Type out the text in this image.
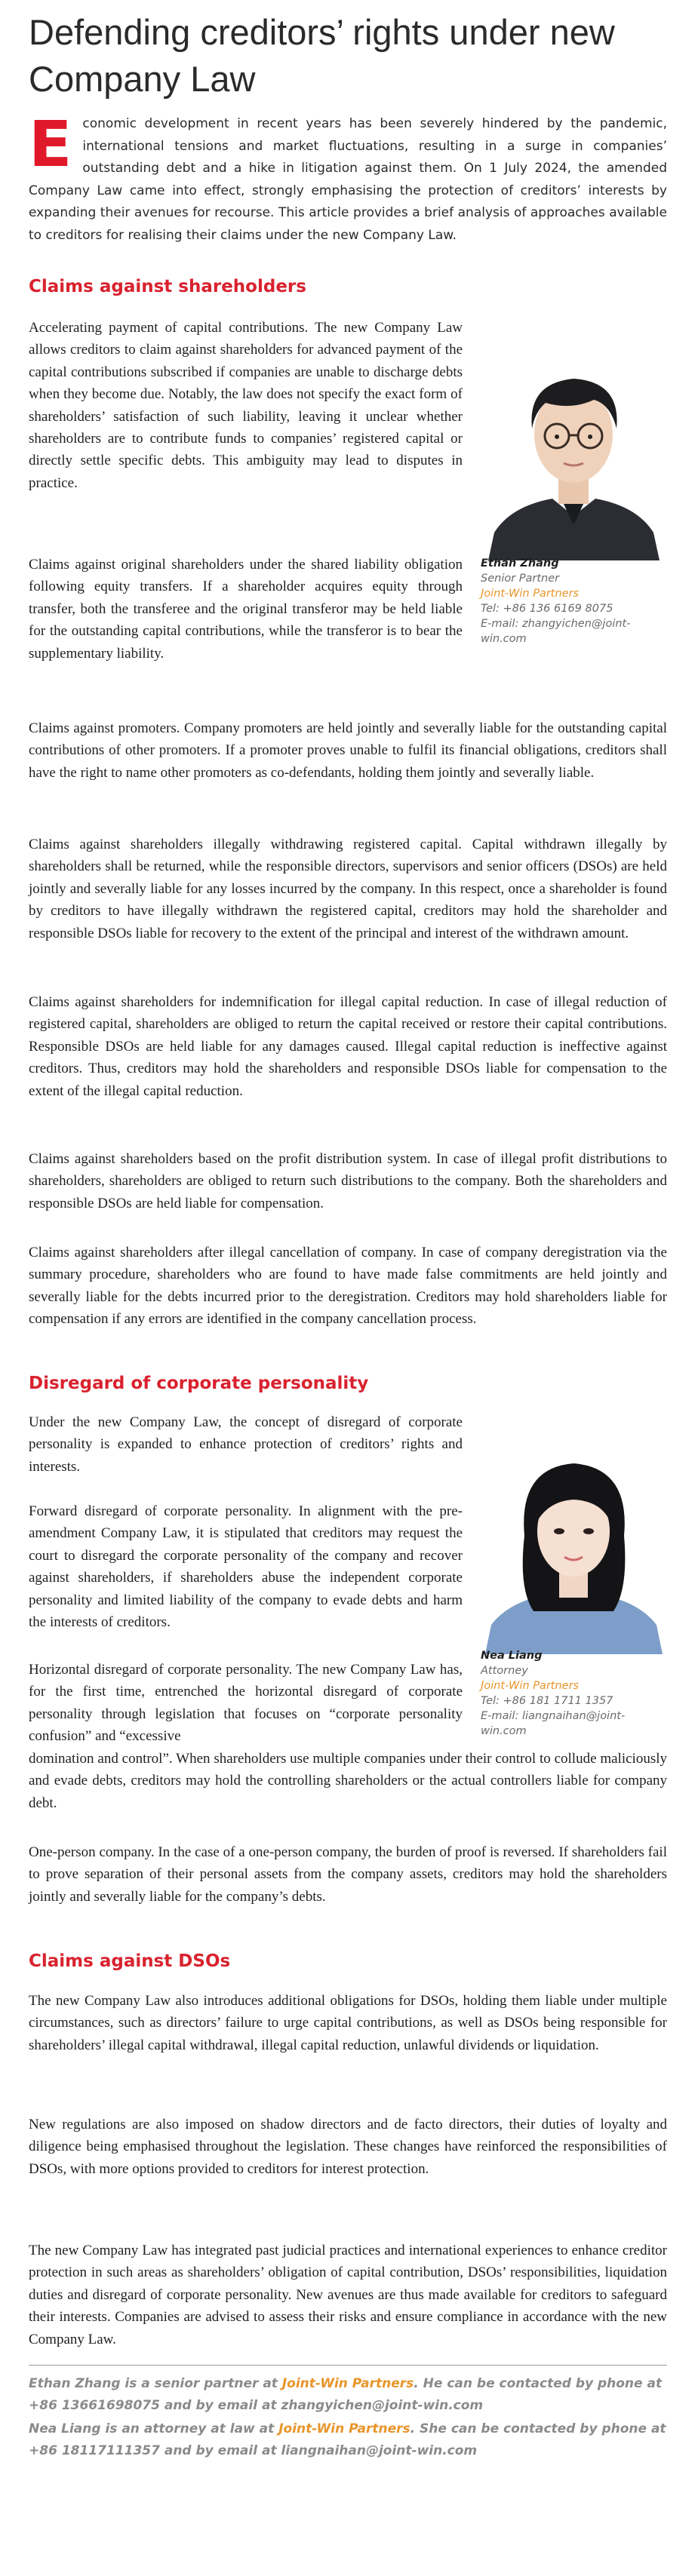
Defending creditors’ rights under new Company Law

Economic development in recent years has been severely hindered by the pandemic, international tensions and market fluctuations, resulting in a surge in companies’ outstanding debt and a hike in litigation against them. On 1 July 2024, the amended Company Law came into effect, strongly emphasising the protection of creditors’ interests by expanding their avenues for recourse. This article provides a brief analysis of approaches available to creditors for realising their claims under the new Company Law.

Claims against shareholders

Accelerating payment of capital contributions. The new Company Law allows creditors to claim against shareholders for advanced payment of the capital contributions subscribed if companies are unable to discharge debts when they become due. Notably, the law does not specify the exact form of shareholders’ satisfaction of such liability, leaving it unclear whether shareholders are to contribute funds to companies’ registered capital or directly settle specific debts. This ambiguity may lead to disputes in practice.

Ethan Zhang
Senior Partner
Joint-Win Partners
Tel: +86 136 6169 8075
E-mail: zhangyichen@joint-win.com

Claims against original shareholders under the shared liability obligation following equity transfers. If a shareholder acquires equity through transfer, both the transferee and the original transferor may be held liable for the outstanding capital contributions, while the transferor is to bear the supplementary liability.

Claims against promoters. Company promoters are held jointly and severally liable for the outstanding capital contributions of other promoters. If a promoter proves unable to fulfil its financial obligations, creditors shall have the right to name other promoters as co-defendants, holding them jointly and severally liable.

Claims against shareholders illegally withdrawing registered capital. Capital withdrawn illegally by shareholders shall be returned, while the responsible directors, supervisors and senior officers (DSOs) are held jointly and severally liable for any losses incurred by the company. In this respect, once a shareholder is found by creditors to have illegally withdrawn the registered capital, creditors may hold the shareholder and responsible DSOs liable for recovery to the extent of the principal and interest of the withdrawn amount.

Claims against shareholders for indemnification for illegal capital reduction. In case of illegal reduction of registered capital, shareholders are obliged to return the capital received or restore their capital contributions. Responsible DSOs are held liable for any damages caused. Illegal capital reduction is ineffective against creditors. Thus, creditors may hold the shareholders and responsible DSOs liable for compensation to the extent of the illegal capital reduction.

Claims against shareholders based on the profit distribution system. In case of illegal profit distributions to shareholders, shareholders are obliged to return such distributions to the company. Both the shareholders and responsible DSOs are held liable for compensation.

Claims against shareholders after illegal cancellation of company. In case of company deregistration via the summary procedure, shareholders who are found to have made false commitments are held jointly and severally liable for the debts incurred prior to the deregistration. Creditors may hold shareholders liable for compensation if any errors are identified in the company cancellation process.

Disregard of corporate personality

Under the new Company Law, the concept of disregard of corporate personality is expanded to enhance protection of creditors’ rights and interests.

Nea Liang
Attorney
Joint-Win Partners
Tel: +86 181 1711 1357
E-mail: liangnaihan@joint-win.com

Forward disregard of corporate personality. In alignment with the pre-amendment Company Law, it is stipulated that creditors may request the court to disregard the corporate personality of the company and recover against shareholders, if shareholders abuse the independent corporate personality and limited liability of the company to evade debts and harm the interests of creditors.

Horizontal disregard of corporate personality. The new Company Law has, for the first time, entrenched the horizontal disregard of corporate personality through legislation that focuses on “corporate personality confusion” and “excessive

domination and control”. When shareholders use multiple companies under their control to collude maliciously and evade debts, creditors may hold the controlling shareholders or the actual controllers liable for company debt.

One-person company. In the case of a one-person company, the burden of proof is reversed. If shareholders fail to prove separation of their personal assets from the company assets, creditors may hold the shareholders jointly and severally liable for the company’s debts.

Claims against DSOs

The new Company Law also introduces additional obligations for DSOs, holding them liable under multiple circumstances, such as directors’ failure to urge capital contributions, as well as DSOs being responsible for shareholders’ illegal capital withdrawal, illegal capital reduction, unlawful dividends or liquidation.

New regulations are also imposed on shadow directors and de facto directors, their duties of loyalty and diligence being emphasised throughout the legislation. These changes have reinforced the responsibilities of DSOs, with more options provided to creditors for interest protection.

The new Company Law has integrated past judicial practices and international experiences to enhance creditor protection in such areas as shareholders’ obligation of capital contribution, DSOs’ responsibilities, liquidation duties and disregard of corporate personality. New avenues are thus made available for creditors to safeguard their interests. Companies are advised to assess their risks and ensure compliance in accordance with the new Company Law.

Ethan Zhang is a senior partner at Joint-Win Partners. He can be contacted by phone at +86 13661698075 and by email at zhangyichen@joint-win.com

Nea Liang is an attorney at law at Joint-Win Partners. She can be contacted by phone at +86 18117111357 and by email at liangnaihan@joint-win.com
